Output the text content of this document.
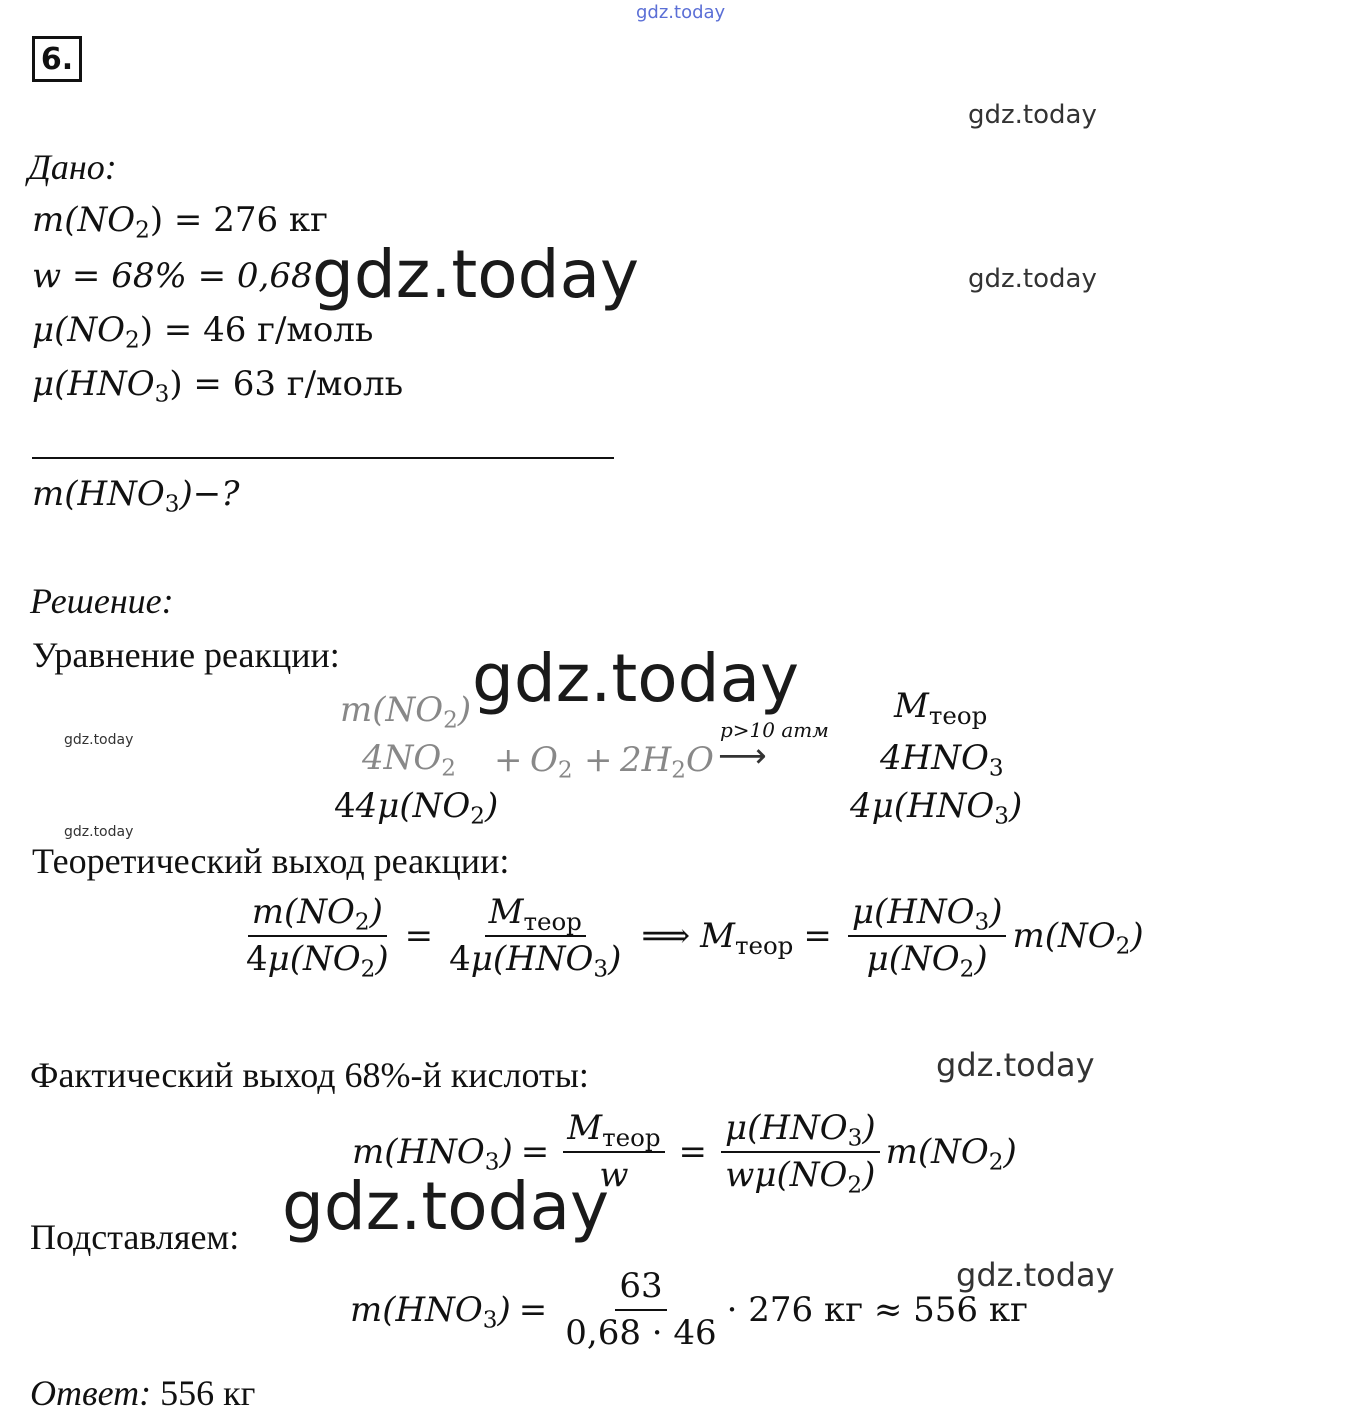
gdz.today
6.
gdz.today
gdz.today
gdz.today
gdz.today
gdz.today
gdz.today
Дано:
$m(NO_2) = 276$ кг
w = 68% = 0,68
$\mu(NO_2) = 46$ г/моль
$\mu(HNO_3) = 63$ г/моль
gdz.today
$m(HNO_3)-$?
Решение:
Уравнение реакции: gdz.today
$m(NO_2)$	$M_{теор}$
$4NO_2 + O_2 + 2H_2O$
p>10 атм
⟶	$4HNO_3$
$44\mu(NO_2)$	$4\mu(HNO_3)$
Теоретический выход реакции:
$\frac{m(NO_2)}{4\mu(NO_2)} = \frac{M_{теор}}{4\mu(HNO_3)}$ ⟹ $M_{теор} = \frac{\mu(HNO_3)}{\mu(NO_2)} m(NO_2)$
Фактический выход 68%-й кислоты:
$m(HNO_3) = \frac{M_{теор}}{w} = \frac{\mu(HNO_3)}{w\mu(NO_2)} m(NO_2)$
gdz.today
Подставляем:
$m(HNO_3) = \frac{63}{0,68 \cdot 46} \cdot 276$ кг ≈ 556 кг
Ответ: 556 кг
